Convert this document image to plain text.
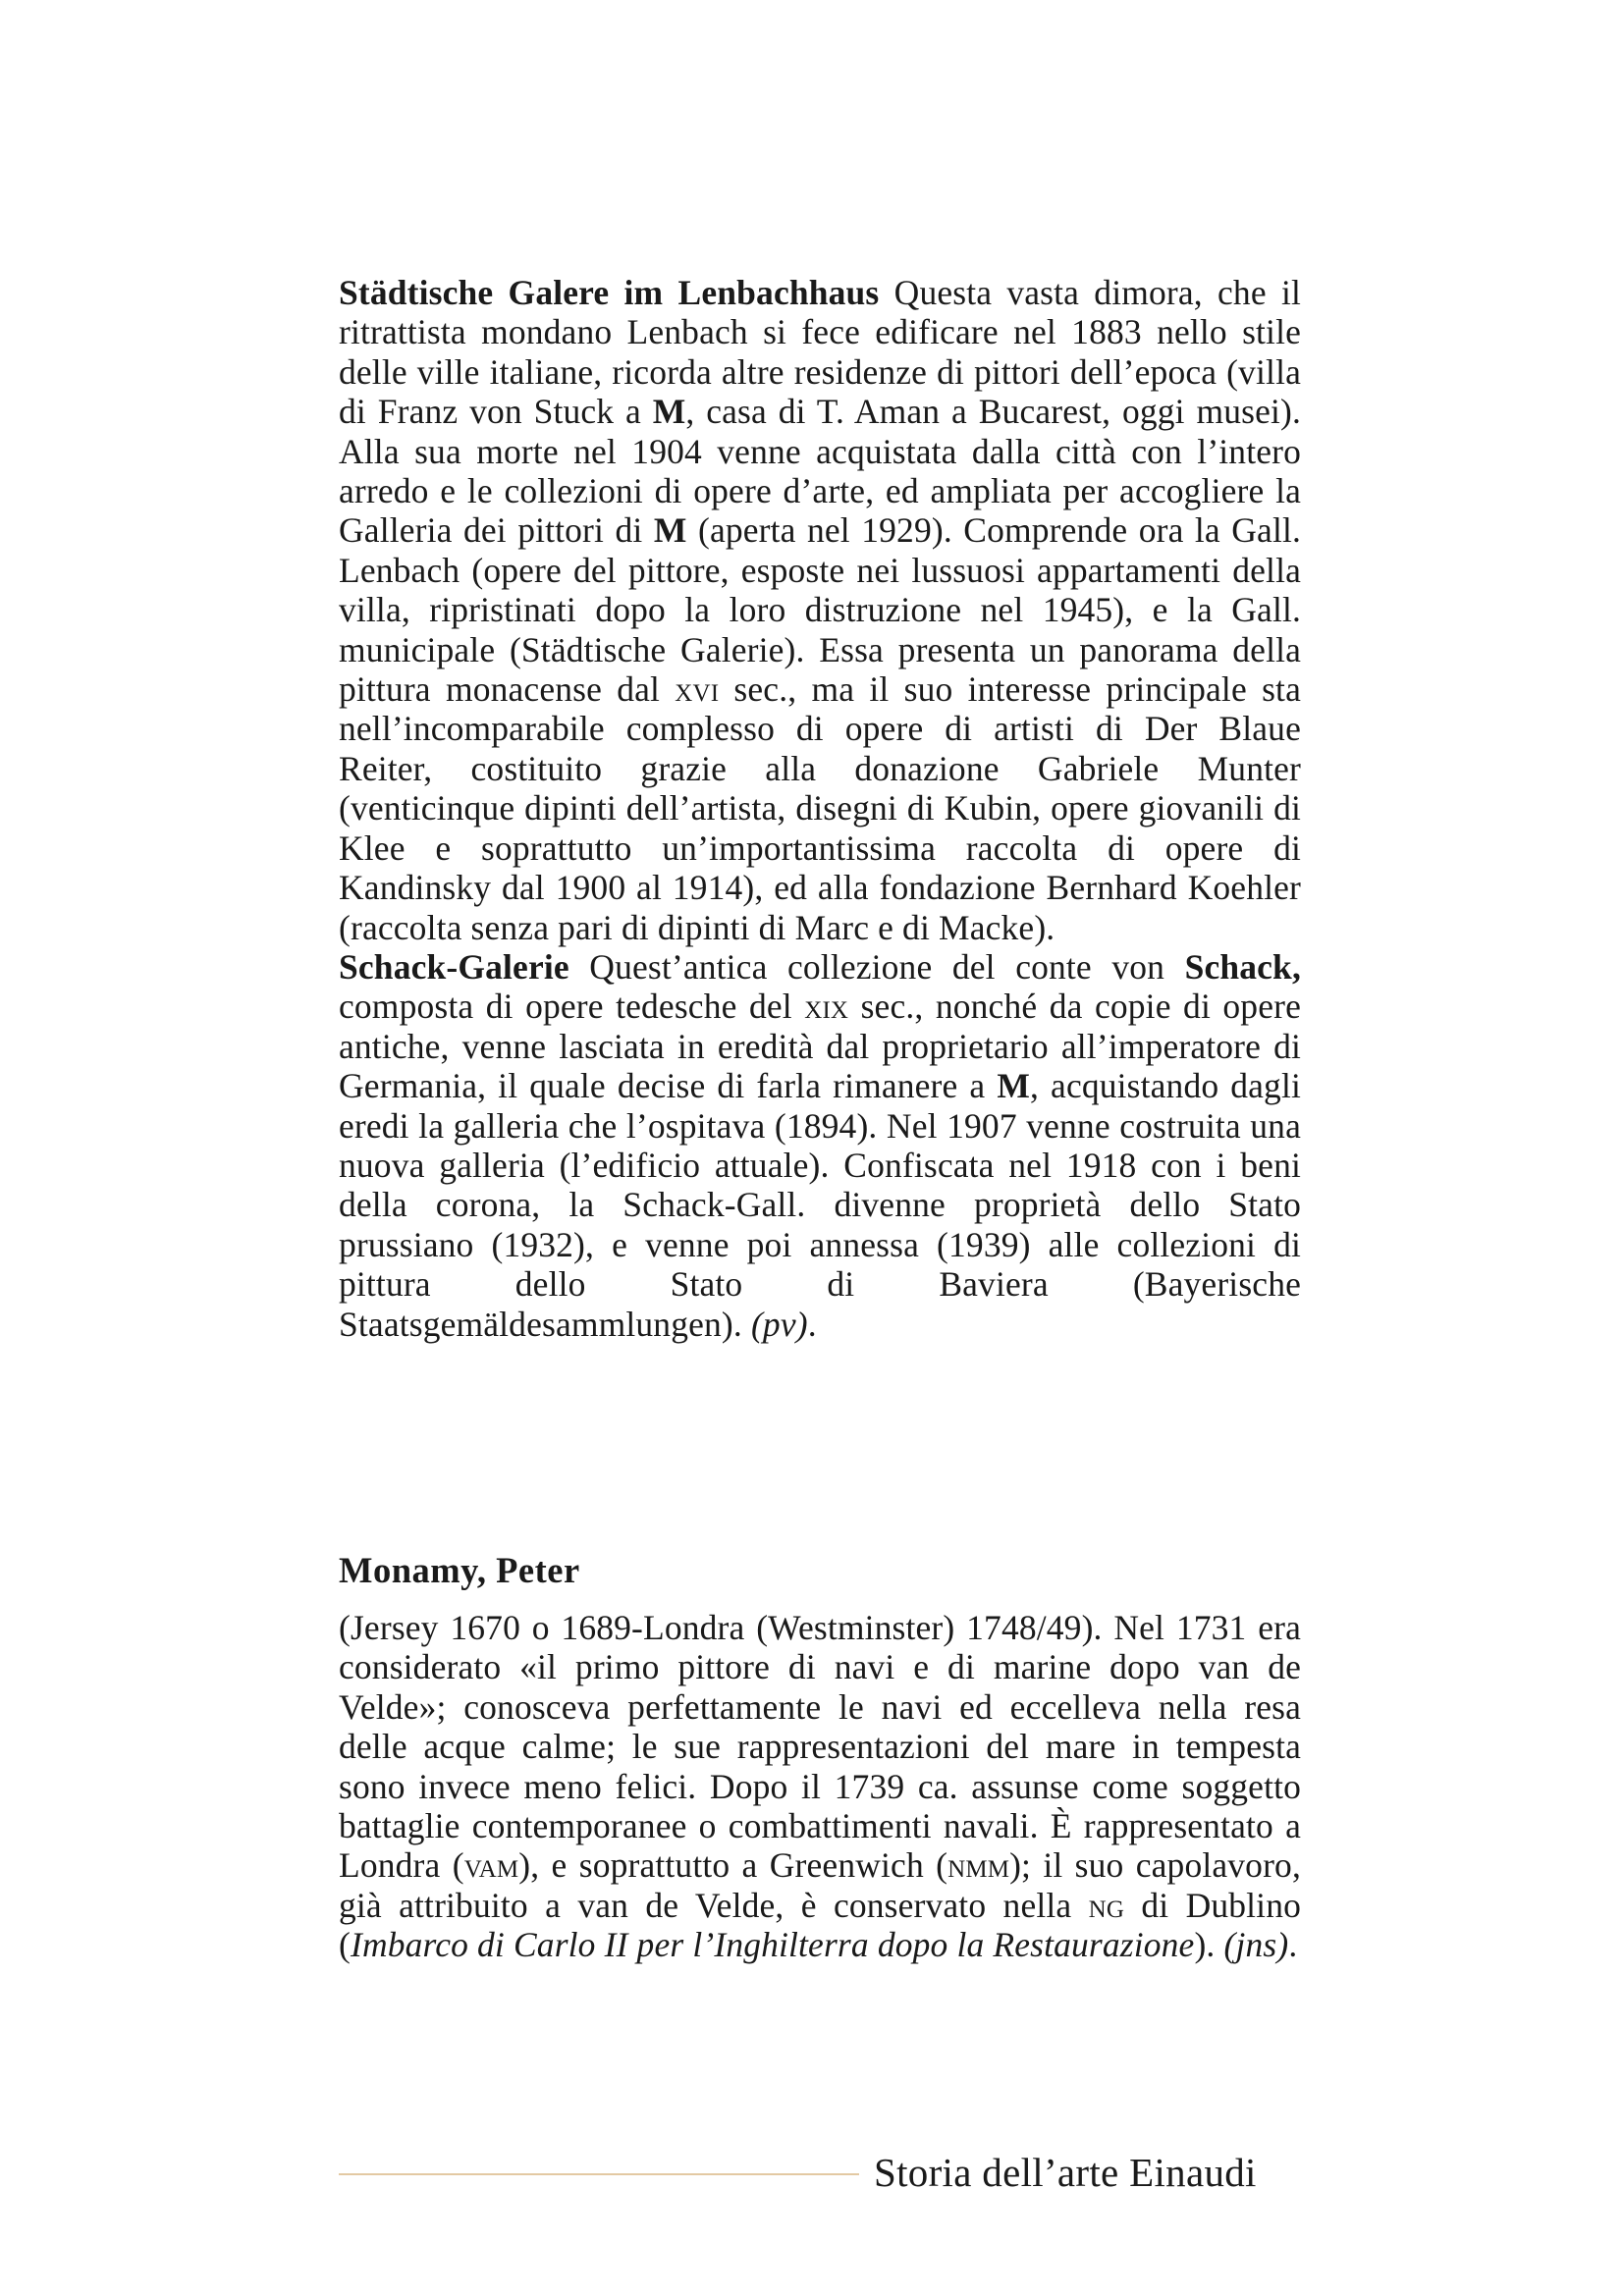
Städtische Galere im Lenbachhaus Questa vasta dimora, che il ritrattista mondano Lenbach si fece edificare nel 1883 nello stile delle ville italiane, ricorda altre residenze di pittori dell’epoca (villa di Franz von Stuck a M, casa di T. Aman a Bucarest, oggi musei). Alla sua morte nel 1904 venne acquistata dalla città con l’intero arredo e le collezioni di opere d’arte, ed ampliata per accogliere la Galleria dei pittori di M (aperta nel 1929). Comprende ora la Gall. Lenbach (opere del pittore, esposte nei lussuosi appartamenti della villa, ripristinati dopo la loro distruzione nel 1945), e la Gall. municipale (Städtische Galerie). Essa presenta un panorama della pittura monacense dal xvi sec., ma il suo interesse principale sta nell’incomparabile complesso di opere di artisti di Der Blaue Reiter, costituito grazie alla donazione Gabriele Munter (venticinque dipinti dell’artista, disegni di Kubin, opere giovanili di Klee e soprattutto un’importantissima raccolta di opere di Kandinsky dal 1900 al 1914), ed alla fondazione Bernhard Koehler (raccolta senza pari di dipinti di Marc e di Macke).

Schack-Galerie Quest’antica collezione del conte von Schack, composta di opere tedesche del xix sec., nonché da copie di opere antiche, venne lasciata in eredità dal proprietario all’imperatore di Germania, il quale decise di farla rimanere a M, acquistando dagli eredi la galleria che l’ospitava (1894). Nel 1907 venne costruita una nuova galleria (l’edificio attuale). Confiscata nel 1918 con i beni della corona, la Schack-Gall. divenne proprietà dello Stato prussiano (1932), e venne poi annessa (1939) alle collezioni di pittura dello Stato di Baviera (Bayerische Staatsgemäldesammlungen). (pv).

Monamy, Peter

(Jersey 1670 o 1689-Londra (Westminster) 1748/49). Nel 1731 era considerato «il primo pittore di navi e di marine dopo van de Velde»; conosceva perfettamente le navi ed eccelleva nella resa delle acque calme; le sue rappresentazioni del mare in tempesta sono invece meno felici. Dopo il 1739 ca. assunse come soggetto battaglie contemporanee o combattimenti navali. È rappresentato a Londra (vam), e soprattutto a Greenwich (nmm); il suo capolavoro, già attribuito a van de Velde, è conservato nella ng di Dublino (Imbarco di Carlo II per l’Inghilterra dopo la Restaurazione). (jns).

Storia dell’arte Einaudi
